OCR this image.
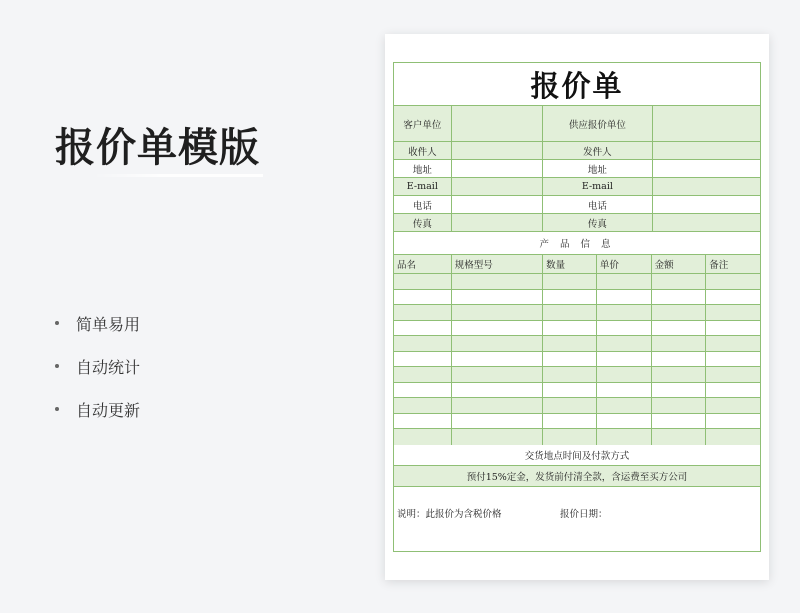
报价单模版
简单易用
自动统计
自动更新
报价单
客户单位	供应报价单位
收件人	发件人
地址	地址
E-mail	E-mail
电话	电话
传真	传真
产 品 信 息
品名	规格型号	数量	单价	金额	备注
交货地点时间及付款方式
预付15%定金，发货前付清全款，含运费至买方公司
说明：此报价为含税价格	报价日期：
